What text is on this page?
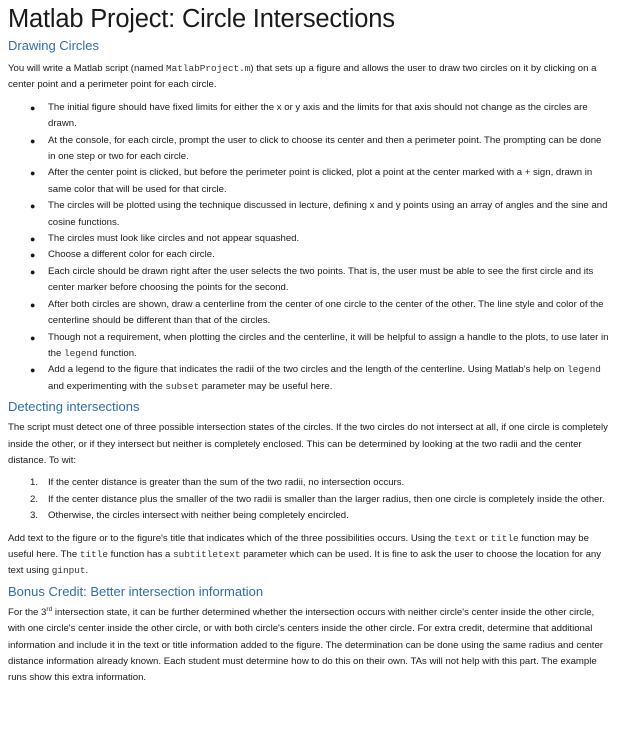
Matlab Project: Circle Intersections
Drawing Circles

You will write a Matlab script (named MatlabProject.m) that sets up a figure and allows the user to draw two circles on it by clicking on a center point and a perimeter point for each circle.

● The initial figure should have fixed limits for either the x or y axis and the limits for that axis should not change as the circles are drawn.
● At the console, for each circle, prompt the user to click to choose its center and then a perimeter point. The prompting can be done in one step or two for each circle.
● After the center point is clicked, but before the perimeter point is clicked, plot a point at the center marked with a + sign, drawn in same color that will be used for that circle.
● The circles will be plotted using the technique discussed in lecture, defining x and y points using an array of angles and the sine and cosine functions.
● The circles must look like circles and not appear squashed.
● Choose a different color for each circle.
● Each circle should be drawn right after the user selects the two points. That is, the user must be able to see the first circle and its center marker before choosing the points for the second.
● After both circles are shown, draw a centerline from the center of one circle to the center of the other. The line style and color of the centerline should be different than that of the circles.
● Though not a requirement, when plotting the circles and the centerline, it will be helpful to assign a handle to the plots, to use later in the legend function.
● Add a legend to the figure that indicates the radii of the two circles and the length of the centerline. Using Matlab's help on legend and experimenting with the subset parameter may be useful here.
Detecting intersections

The script must detect one of three possible intersection states of the circles. If the two circles do not intersect at all, if one circle is completely inside the other, or if they intersect but neither is completely enclosed. This can be determined by looking at the two radii and the center distance. To wit:

1. If the center distance is greater than the sum of the two radii, no intersection occurs.
2. If the center distance plus the smaller of the two radii is smaller than the larger radius, then one circle is completely inside the other.
3. Otherwise, the circles intersect with neither being completely encircled.

Add text to the figure or to the figure's title that indicates which of the three possibilities occurs. Using the text or title function may be useful here. The title function has a subtitletext parameter which can be used. It is fine to ask the user to choose the location for any text using ginput.

Bonus Credit: Better intersection information

For the 3rd intersection state, it can be further determined whether the intersection occurs with neither circle's center inside the other circle, with one circle's center inside the other circle, or with both circle's centers inside the other circle. For extra credit, determine that additional information and include it in the text or title information added to the figure. The determination can be done using the same radius and center distance information already known. Each student must determine how to do this on their own. TAs will not help with this part. The example runs show this extra information.
